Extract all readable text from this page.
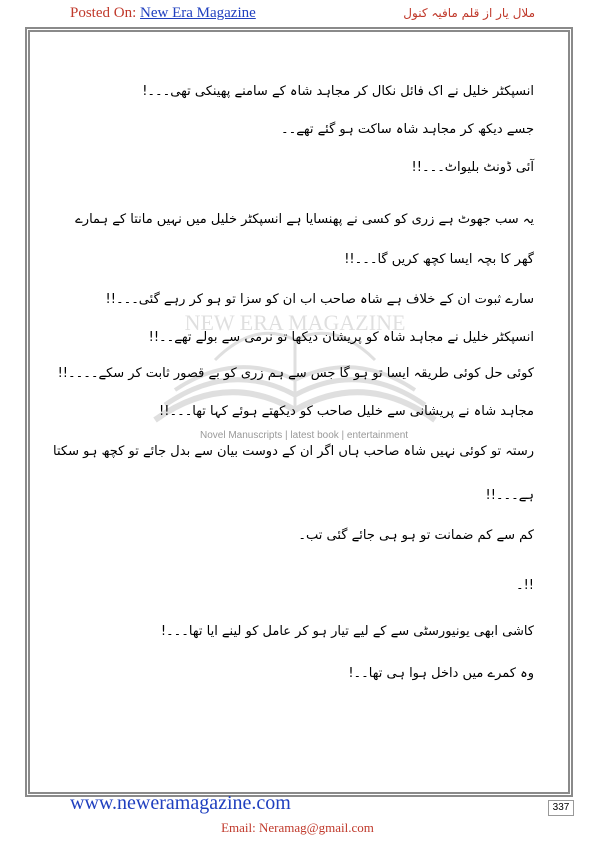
Posted On: New Era Magazine	ملال یار از قلم مافیہ کنول
NEW ERA MAGAZINE
Novel Manuscripts | latest book | entertainment
انسپکٹر خلیل نے اک فائل نکال کر مجاہد شاہ کے سامنے پھینکی تھی۔۔۔!
جسے دیکھ کر مجاہد شاہ ساکت ہو گئے تھے۔۔
آئی ڈونٹ بلیواٹ۔۔۔!!
یہ سب جھوٹ ہے زری کو کسی نے پھنسایا ہے انسپکٹر خلیل میں نہیں مانتا کے ہمارے
گھر کا بچہ ایسا کچھ کریں گا۔۔۔!!
سارے ثبوت ان کے خلاف ہے شاہ صاحب اب ان کو سزا تو ہو کر رہے گئی۔۔۔!!
انسپکٹر خلیل نے مجاہد شاہ کو پریشان دیکھا تو نرمی سے بولے تھے۔۔!!
کوئی حل کوئی طریقہ ایسا تو ہو گا جس سے ہم زری کو بے قصور ثابت کر سکے۔۔۔۔!!
مجاہد شاہ نے پریشانی سے خلیل صاحب کو دیکھتے ہوئے کہا تھا۔۔۔!!
رستہ تو کوئی نہیں شاہ صاحب ہاں اگر ان کے دوست بیان سے بدل جائے تو کچھ ہو سکتا
ہے۔۔۔!!
کم سے کم ضمانت تو ہو ہی جائے گئی تب۔
!!۔
کاشی ابھی یونیورسٹی سے کے لیے تیار ہو کر عامل کو لینے ایا تھا۔۔۔!
وہ کمرے میں داخل ہوا ہی تھا۔۔!
www.neweramagazine.com	337
Email: Neramag@gmail.com
